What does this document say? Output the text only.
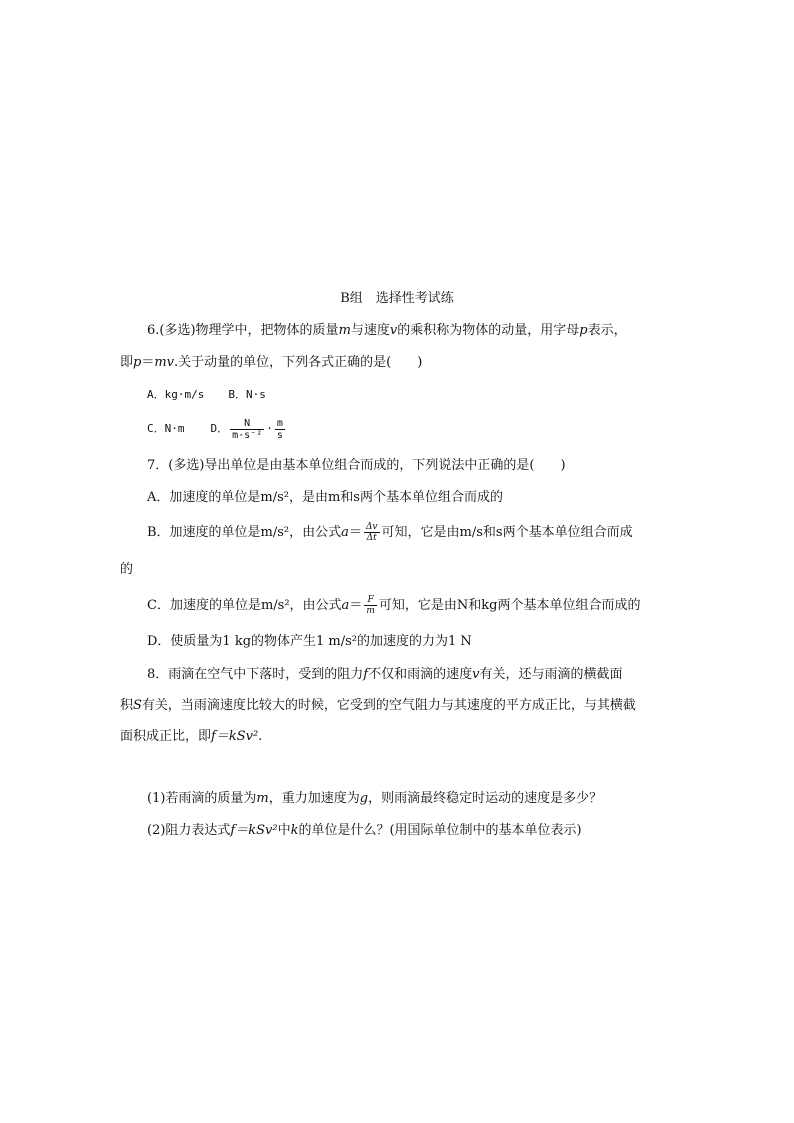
B组　选择性考试练
6.(多选)物理学中，把物体的质量m与速度v的乘积称为物体的动量，用字母p表示，
即p＝mv.关于动量的单位，下列各式正确的是(　　)
A．kg·m/s B．N·s
C．N·m D． $\frac{N}{\text{m·s⁻²}} \cdot \frac{m}{s}$
7．(多选)导出单位是由基本单位组合而成的，下列说法中正确的是(　　)
A．加速度的单位是m/s²，是由m和s两个基本单位组合而成的
B．加速度的单位是m/s²，由公式$a= \frac{\Delta v}{\Delta t}$ 可知，它是由m/s和s两个基本单位组合而成
的
C．加速度的单位是m/s²，由公式$a= \frac{F}{m}$ 可知，它是由N和kg两个基本单位组合而成的
D．使质量为1 kg的物体产生1 m/s²的加速度的力为1 N
8．雨滴在空气中下落时，受到的阻力f不仅和雨滴的速度v有关，还与雨滴的横截面
积S有关，当雨滴速度比较大的时候，它受到的空气阻力与其速度的平方成正比，与其横截
面积成正比，即f＝kSv².
(1)若雨滴的质量为m，重力加速度为g，则雨滴最终稳定时运动的速度是多少？
(2)阻力表达式f＝kSv²中k的单位是什么？(用国际单位制中的基本单位表示)
